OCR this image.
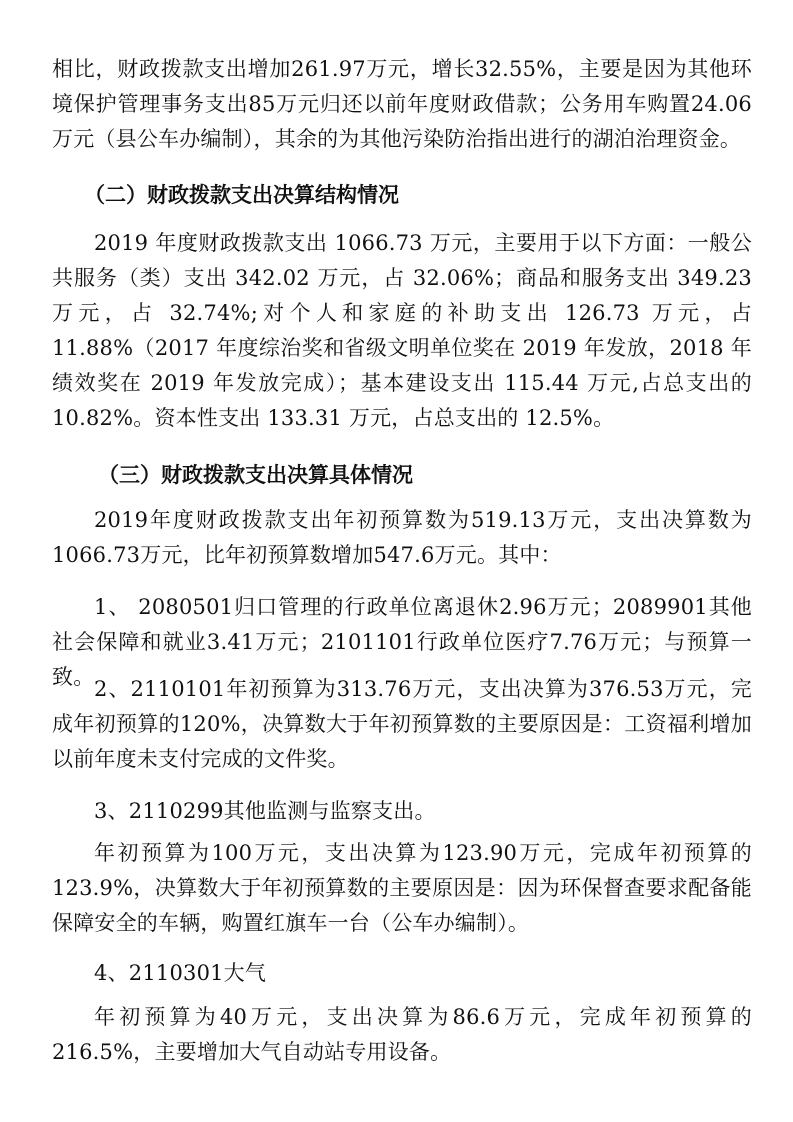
相比，财政拨款支出增加261.97万元，增长32.55%，主要是因为其他环境保护管理事务支出85万元归还以前年度财政借款；公务用车购置24.06万元（县公车办编制），其余的为其他污染防治指出进行的湖泊治理资金。

（二）财政拨款支出决算结构情况

2019 年度财政拨款支出 1066.73 万元，主要用于以下方面：一般公共服务（类）支出 342.02 万元，占 32.06%；商品和服务支出 349.23 万元，占 32.74%;对个人和家庭的补助支出 126.73 万元，占 11.88%（2017 年度综治奖和省级文明单位奖在 2019 年发放，2018 年绩效奖在 2019 年发放完成）；基本建设支出 115.44 万元,占总支出的 10.82%。资本性支出 133.31 万元，占总支出的 12.5%。

（三）财政拨款支出决算具体情况

2019年度财政拨款支出年初预算数为519.13万元，支出决算数为1066.73万元，比年初预算数增加547.6万元。其中：

1、 2080501归口管理的行政单位离退休2.96万元；2089901其他社会保障和就业3.41万元；2101101行政单位医疗7.76万元；与预算一致。 2、2110101年初预算为313.76万元，支出决算为376.53万元，完成年初预算的120%，决算数大于年初预算数的主要原因是：工资福利增加以前年度未支付完成的文件奖。

3、2110299其他监测与监察支出。

年初预算为100万元，支出决算为123.90万元，完成年初预算的123.9%，决算数大于年初预算数的主要原因是：因为环保督查要求配备能保障安全的车辆，购置红旗车一台（公车办编制）。

4、2110301大气

年初预算为40万元，支出决算为86.6万元，完成年初预算的216.5%，主要增加大气自动站专用设备。
